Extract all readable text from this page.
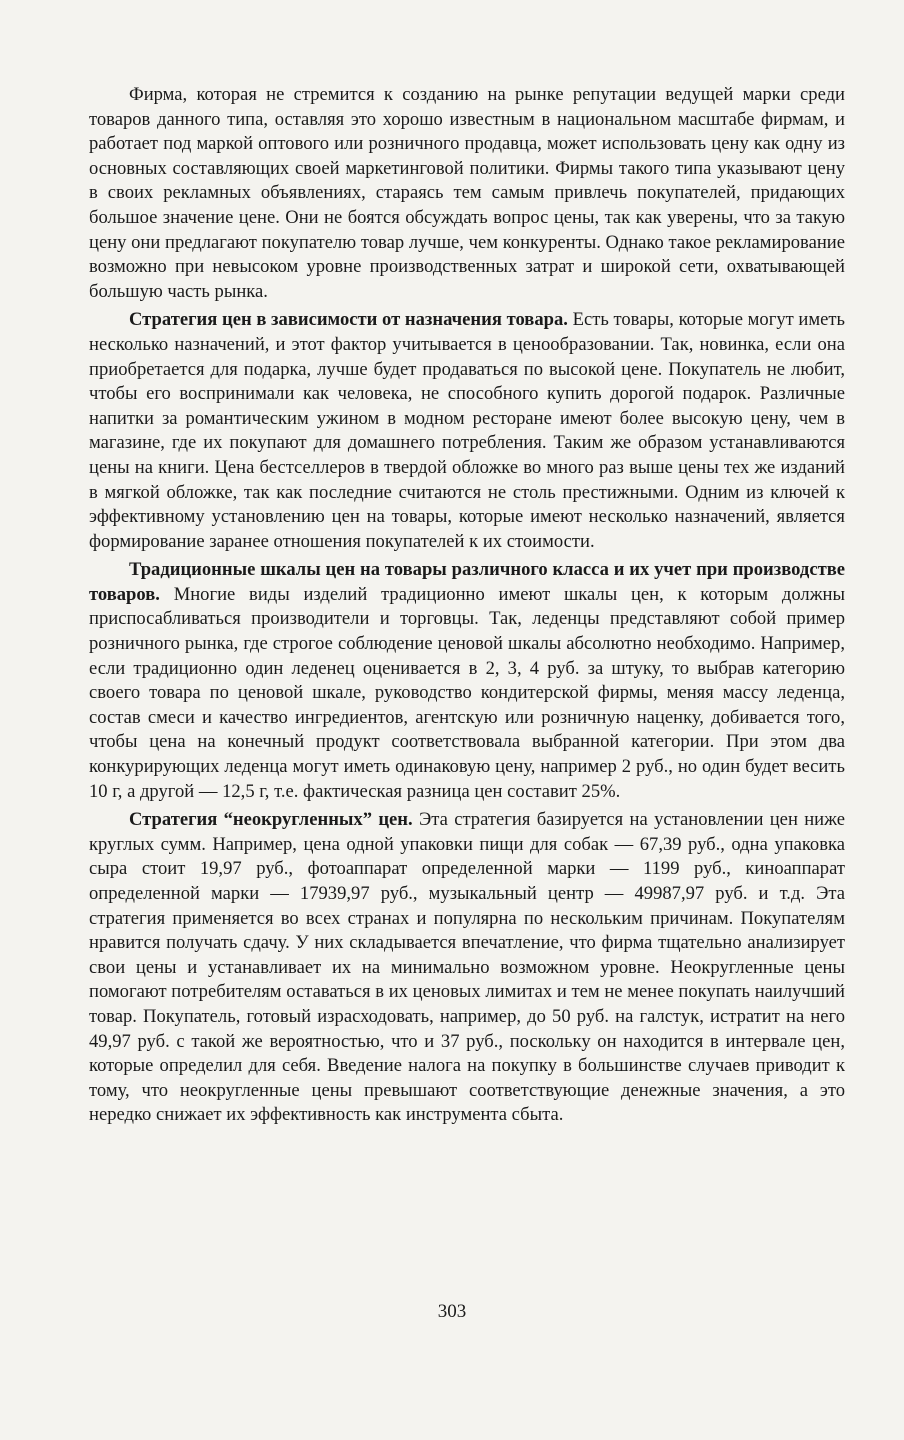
Фирма, которая не стремится к созданию на рынке репутации ведущей марки среди товаров данного типа, оставляя это хорошо известным в национальном масштабе фирмам, и работает под маркой оптового или розничного продавца, может использовать цену как одну из основных составляющих своей маркетинговой политики. Фирмы такого типа указывают цену в своих рекламных объявлениях, стараясь тем самым привлечь покупателей, придающих большое значение цене. Они не боятся обсуждать вопрос цены, так как уверены, что за такую цену они предлагают покупателю товар лучше, чем конкуренты. Однако такое рекламирование возможно при невысоком уровне производственных затрат и широкой сети, охватывающей большую часть рынка.

Стратегия цен в зависимости от назначения товара. Есть товары, которые могут иметь несколько назначений, и этот фактор учитывается в ценообразовании. Так, новинка, если она приобретается для подарка, лучше будет продаваться по высокой цене. Покупатель не любит, чтобы его воспринимали как человека, не способного купить дорогой подарок. Различные напитки за романтическим ужином в модном ресторане имеют более высокую цену, чем в магазине, где их покупают для домашнего потребления. Таким же образом устанавливаются цены на книги. Цена бестселлеров в твердой обложке во много раз выше цены тех же изданий в мягкой обложке, так как последние считаются не столь престижными. Одним из ключей к эффективному установлению цен на товары, которые имеют несколько назначений, является формирование заранее отношения покупателей к их стоимости.

Традиционные шкалы цен на товары различного класса и их учет при производстве товаров. Многие виды изделий традиционно имеют шкалы цен, к которым должны приспосабливаться производители и торговцы. Так, леденцы представляют собой пример розничного рынка, где строгое соблюдение ценовой шкалы абсолютно необходимо. Например, если традиционно один леденец оценивается в 2, 3, 4 руб. за штуку, то выбрав категорию своего товара по ценовой шкале, руководство кондитерской фирмы, меняя массу леденца, состав смеси и качество ингредиентов, агентскую или розничную наценку, добивается того, чтобы цена на конечный продукт соответствовала выбранной категории. При этом два конкурирующих леденца могут иметь одинаковую цену, например 2 руб., но один будет весить 10 г, а другой — 12,5 г, т.е. фактическая разница цен составит 25%.

Стратегия “неокругленных” цен. Эта стратегия базируется на установлении цен ниже круглых сумм. Например, цена одной упаковки пищи для собак — 67,39 руб., одна упаковка сыра стоит 19,97 руб., фотоаппарат определенной марки — 1199 руб., киноаппарат определенной марки — 17939,97 руб., музыкальный центр — 49987,97 руб. и т.д. Эта стратегия применяется во всех странах и популярна по нескольким причинам. Покупателям нравится получать сдачу. У них складывается впечатление, что фирма тщательно анализирует свои цены и устанавливает их на минимально возможном уровне. Неокругленные цены помогают потребителям оставаться в их ценовых лимитах и тем не менее покупать наилучший товар. Покупатель, готовый израсходовать, например, до 50 руб. на галстук, истратит на него 49,97 руб. с такой же вероятностью, что и 37 руб., поскольку он находится в интервале цен, которые определил для себя. Введение налога на покупку в большинстве случаев приводит к тому, что неокругленные цены превышают соответствующие денежные значения, а это нередко снижает их эффективность как инструмента сбыта.

303
